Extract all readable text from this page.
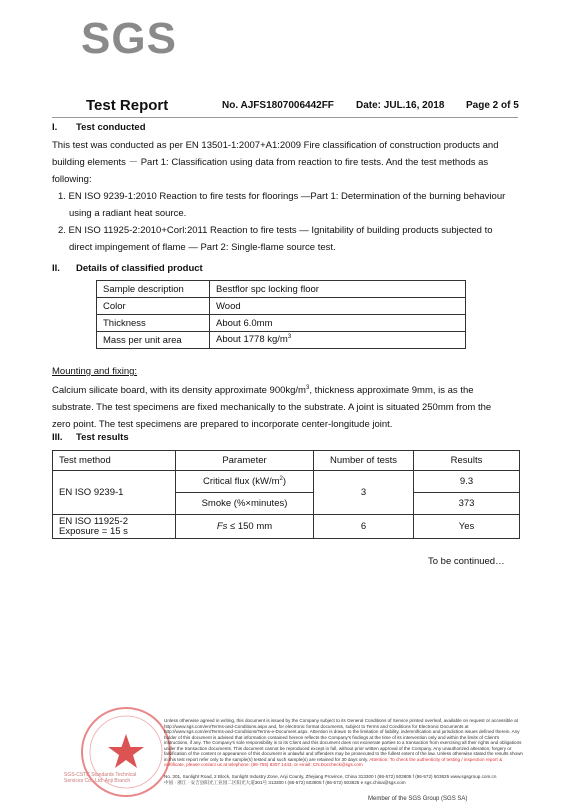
SGS
Test Report	No. AJFS1807006442FF Date: JUL.16, 2018 Page 2 of 5
I. Test conducted
This test was conducted as per EN 13501-1:2007+A1:2009 Fire classification of construction products and
building elements － Part 1: Classification using data from reaction to fire tests. And the test methods as
following:
1. EN ISO 9239-1:2010 Reaction to fire tests for floorings —Part 1: Determination of the burning behaviour
using a radiant heat source.
2. EN ISO 11925-2:2010+Corl:2011 Reaction to fire tests — Ignitability of building products subjected to
direct impingement of flame — Part 2: Single-flame source test.
II. Details of classified product
Sample description	Bestflor spc locking floor
Color	Wood
Thickness	About 6.0mm
Mass per unit area	About 1778 $kg/m^3$
Mounting and fixing:
Calcium silicate board, with its density approximate $900kg/m^3$, thickness approximate 9mm, is as the
substrate. The test specimens are fixed mechanically to the substrate. A joint is situated 250mm from the
zero point. The test specimens are prepared to incorporate center-longitude joint.
III. Test results
Test method	Parameter	Number of tests	Results
EN ISO 9239-1	Critical flux $(kW/m^2)$	3	9.3
	Smoke (%×minutes)		373

EN ISO 11925-2
Exposure = 15 s	Fs ≤ 150 mm	6	Yes
To be continued…
SGS-CSTC Standards Technical Services Co., Ltd. Anji Branch
Unless otherwise agreed in writing, this document is issued by the Company subject to its General Conditions of Service printed overleaf, available on request or accessible at http://www.sgs.com/en/Terms-and-Conditions.aspx and, for electronic format documents, subject to Terms and Conditions for Electronic Documents at http://www.sgs.com/en/Terms-and-Conditions/Terms-e-Document.aspx. Attention is drawn to the limitation of liability, indemnification and jurisdiction issues defined therein. Any holder of this document is advised that information contained hereon reflects the Company's findings at the time of its intervention only and within the limits of Client's instructions, if any. The Company's sole responsibility is to its Client and this document does not exonerate parties to a transaction from exercising all their rights and obligations under the transaction documents. This document cannot be reproduced except in full, without prior written approval of the Company. Any unauthorized alteration, forgery or falsification of the content or appearance of this document is unlawful and offenders may be prosecuted to the fullest extent of the law. Unless otherwise stated the results shown in this test report refer only to the sample(s) tested and such sample(s) are retained for 30 days only. Attention: To check the authenticity of testing / inspection report & certificate, please contact us at telephone: (86-755) 8307 1443, or email: CN.Doccheck@sgs.com
No. 301, Sunlight Road, 2 Block, Sunlight Industry Zone, Anji County, Zhejiang Province, China 313300 t (86-572) 503805 f (86-572) 503825 www.sgsgroup.com.cn
中国 · 浙江 · 安吉县阳光工业园二区阳光大道301号 313300 t (86-572) 503805 f (86-572) 503825 e sgs.china@sgs.com
Member of the SGS Group (SGS SA)
